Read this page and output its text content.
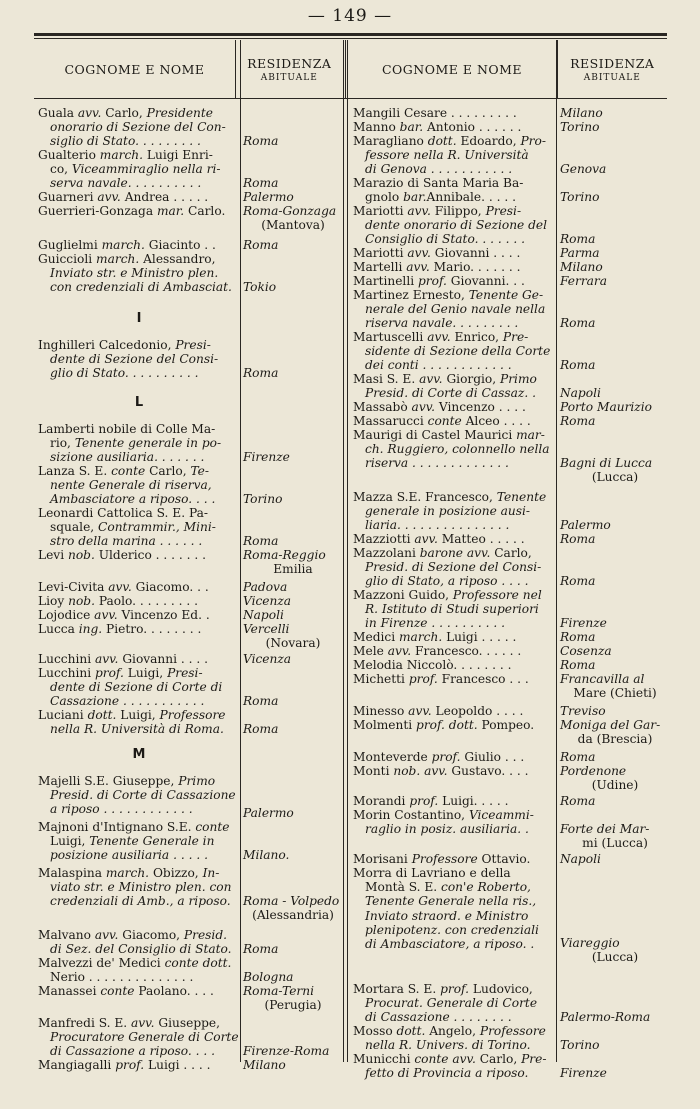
— 149 —
COGNOME E NOME	RESIDENZA
ABITUALE
COGNOME E NOME	RESIDENZA
ABITUALE
I
L
M
Guala avv. Carlo, Presidente
onorario di Sezione del Con-
siglio di Stato. . . . . . . . .
Gualterio march. Luigi Enri-
co, Viceammiraglio nella ri-
serva navale. . . . . . . . . .
Guarneri avv. Andrea . . . . .
Guerrieri-Gonzaga mar. Carlo.
Guglielmi march. Giacinto . .
Guiccioli march. Alessandro,
Inviato str. e Ministro plen.
con credenziali di Ambasciat.
Inghilleri Calcedonio, Presi-
dente di Sezione del Consi-
glio di Stato. . . . . . . . . .
Lamberti nobile di Colle Ma-
rio, Tenente generale in po-
sizione ausiliaria. . . . . . .
Lanza S. E. conte Carlo, Te-
nente Generale di riserva,
Ambasciatore a riposo. . . .
Leonardi Cattolica S. E. Pa-
squale, Contrammir., Mini-
stro della marina . . . . . .
Levi nob. Ulderico . . . . . . .
Levi-Civita avv. Giacomo. . .
Lioy nob. Paolo. . . . . . . . .
Lojodice avv. Vincenzo Ed. .
Lucca ing. Pietro. . . . . . . .
Lucchini avv. Giovanni . . . .
Lucchini prof. Luigi, Presi-
dente di Sezione di Corte di
Cassazione . . . . . . . . . . .
Luciani dott. Luigi, Professore
nella R. Università di Roma.
Majelli S.E. Giuseppe, Primo
Presid. di Corte di Cassazione
a riposo . . . . . . . . . . . .
Majnoni d'Intignano S.E. conte
Luigi, Tenente Generale in
posizione ausiliaria . . . . .
Malaspina march. Obizzo, In-
viato str. e Ministro plen. con
credenziali di Amb., a riposo.
Malvano avv. Giacomo, Presid.
di Sez. del Consiglio di Stato.
Malvezzi de' Medici conte dott.
Nerio . . . . . . . . . . . . . .
Manassei conte Paolano. . . .
Manfredi S. E. avv. Giuseppe,
Procuratore Generale di Corte
di Cassazione a riposo. . . .
Mangiagalli prof. Luigi . . . .
Roma
Roma
Palermo
Roma-Gonzaga
(Mantova)
Roma
Tokio
Roma
Firenze
Torino
Roma
Roma-Reggio
Emilia
Padova
Vicenza
Napoli
Vercelli
(Novara)
Vicenza
Roma
Roma
Palermo
Milano.
Roma - Volpedo
(Alessandria)
Roma
Bologna
Roma-Terni
(Perugia)
Firenze-Roma
Milano
Mangili Cesare . . . . . . . . .
Manno bar. Antonio . . . . . .
Maragliano dott. Edoardo, Pro-
fessore nella R. Università
di Genova . . . . . . . . . . .
Marazio di Santa Maria Ba-
gnolo bar.Annibale. . . . .
Mariotti avv. Filippo, Presi-
dente onorario di Sezione del
Consiglio di Stato. . . . . . .
Mariotti avv. Giovanni . . . .
Martelli avv. Mario. . . . . . .
Martinelli prof. Giovanni. . .
Martinez Ernesto, Tenente Ge-
nerale del Genio navale nella
riserva navale. . . . . . . . .
Martuscelli avv. Enrico, Pre-
sidente di Sezione della Corte
dei conti . . . . . . . . . . . .
Masi S. E. avv. Giorgio, Primo
Presid. di Corte di Cassaz. .
Massabò avv. Vincenzo . . . .
Massarucci conte Alceo . . . .
Maurigi di Castel Maurici mar-
ch. Ruggiero, colonnello nella
riserva . . . . . . . . . . . . .
Mazza S.E. Francesco, Tenente
generale in posizione ausi-
liaria. . . . . . . . . . . . . . .
Mazziotti avv. Matteo . . . . .
Mazzolani barone avv. Carlo,
Presid. di Sezione del Consi-
glio di Stato, a riposo . . . .
Mazzoni Guido, Professore nel
R. Istituto di Studi superiori
in Firenze . . . . . . . . . .
Medici march. Luigi . . . . .
Mele avv. Francesco. . . . . .
Melodia Niccolò. . . . . . . .
Michetti prof. Francesco . . .
Minesso avv. Leopoldo . . . .
Molmenti prof. dott. Pompeo.
Monteverde prof. Giulio . . .
Monti nob. avv. Gustavo. . . .
Morandi prof. Luigi. . . . .
Morin Costantino, Viceammi-
raglio in posiz. ausiliaria. .
Morisani Professore Ottavio.
Morra di Lavriano e della
Montà S. E. con'e Roberto,
Tenente Generale nella ris.,
Inviato straord. e Ministro
plenipotenz. con credenziali
di Ambasciatore, a riposo. .
Mortara S. E. prof. Ludovico,
Procurat. Generale di Corte
di Cassazione . . . . . . . .
Mosso dott. Angelo, Professore
nella R. Univers. di Torino.
Municchi conte avv. Carlo, Pre-
fetto di Provincia a riposo.
Milano
Torino
Genova
Torino
Roma
Parma
Milano
Ferrara
Roma
Roma
Napoli
Porto Maurizio
Roma
Bagni di Lucca
(Lucca)
Palermo
Roma
Roma
Firenze
Roma
Cosenza
Roma
Francavilla al
Mare (Chieti)
Treviso
Moniga del Gar-
da (Brescia)
Roma
Pordenone
(Udine)
Roma
Forte dei Mar-
mi (Lucca)
Napoli
Viareggio
(Lucca)
Palermo-Roma
Torino
Firenze
